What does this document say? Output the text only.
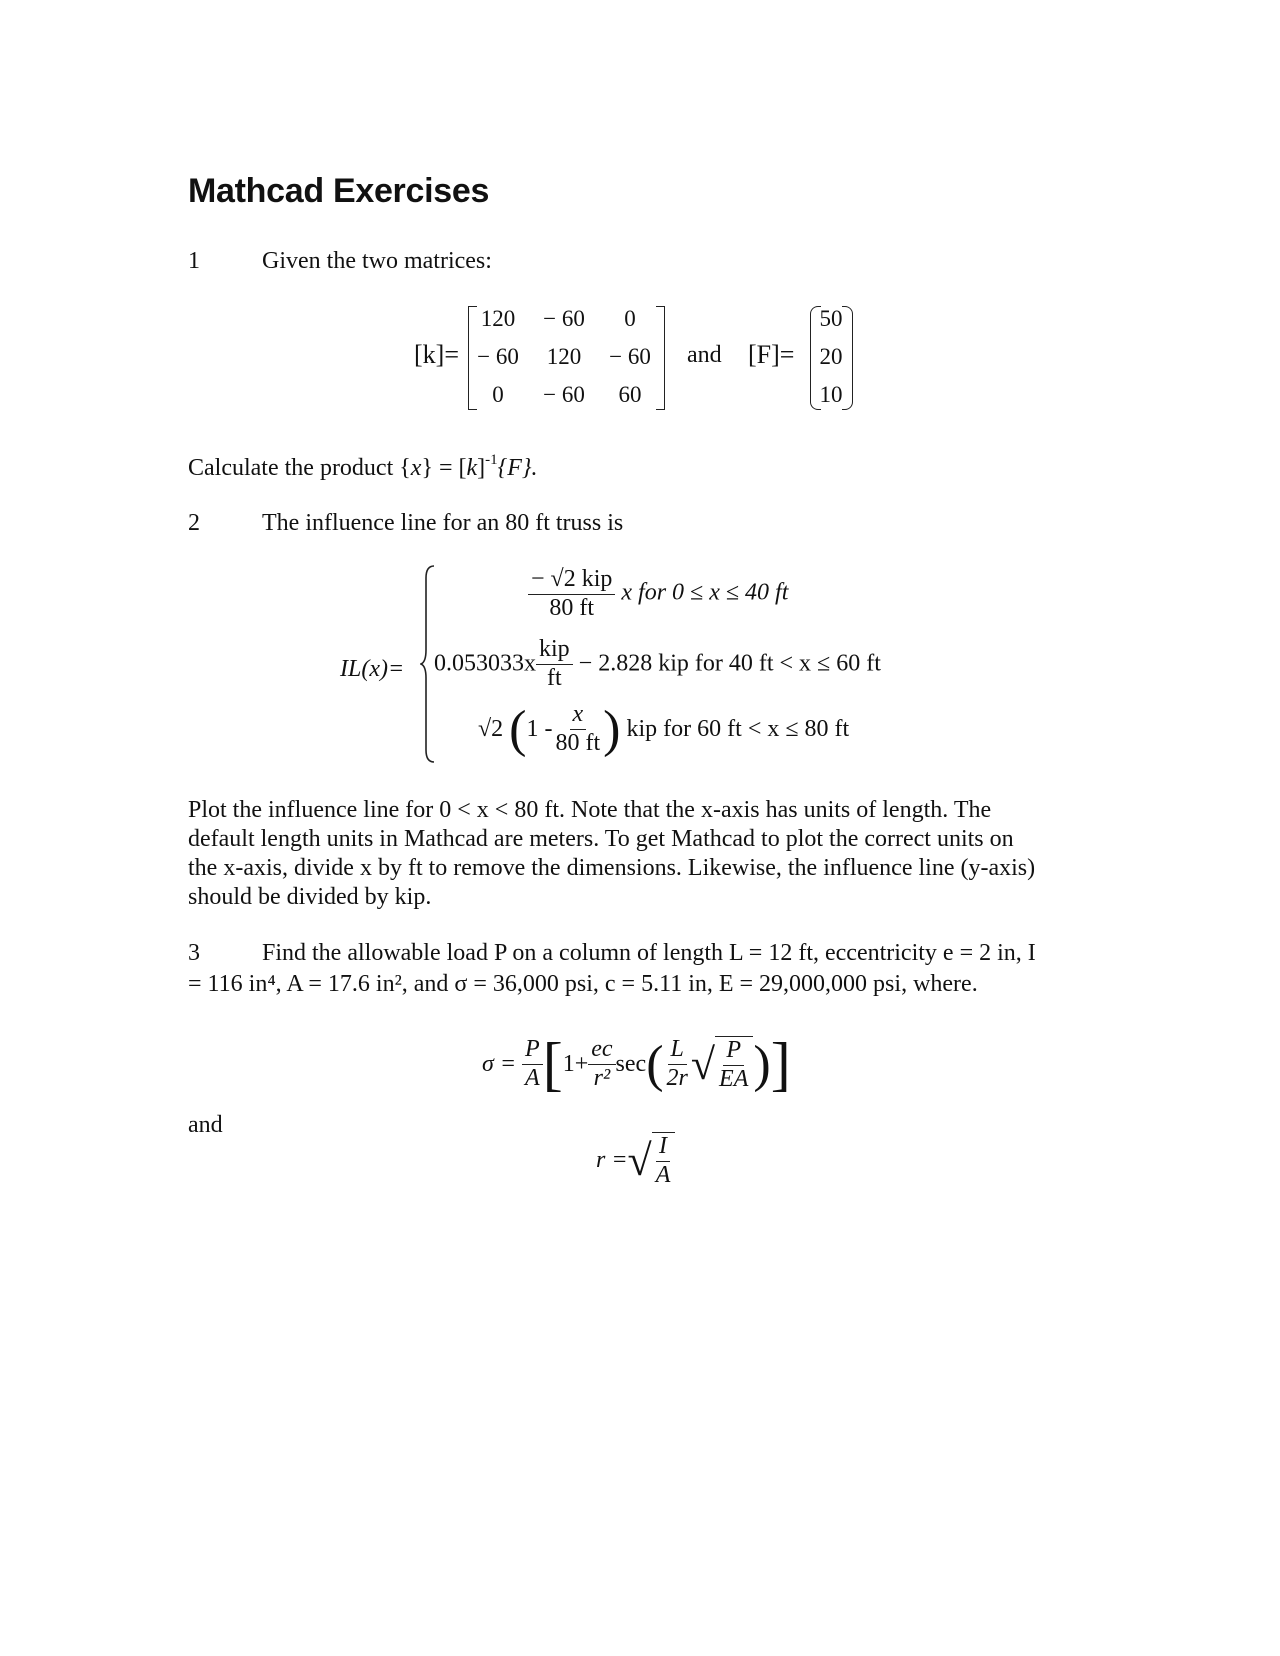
Mathcad Exercises
1	Given the two matrices:
[k]=
120	− 60	0
− 60	120	− 60
0	− 60	60
and [F]=
50
20
10
Calculate the product $\{x\} = [k]^{-1}\{F\}$.
2	The influence line for an 80 ft truss is
IL(x)=
$\frac{\text{− √2 kip}}{80 ft}$ x for 0 ≤ x ≤ 40 ft
$0.053033x \frac{\text{kip}}{ft} - 2.828$ kip for 40 ft < x ≤ 60 ft
√2 ($1 - \frac{x}{80 ft}$ ) kip for 60 ft < x ≤ 80 ft
Plot the influence line for 0 < x < 80 ft. Note that the x-axis has units of length. The
default length units in Mathcad are meters. To get Mathcad to plot the correct units on
the x-axis, divide x by ft to remove the dimensions. Likewise, the influence line (y-axis)
should be divided by kip.
3	Find the allowable load P on a column of length L = 12 ft, eccentricity e = 2 in, I
= 116 in⁴, A = 17.6 in², and σ = 36,000 psi, c = 5.11 in, E = 29,000,000 psi, where.
$\sigma = \frac{P}{A} [1+ \frac{ec}{\text{r²}} \sec( \frac{L}{2r}$ √ $\frac{P}{EA}$ )]
and
r =√ $\frac{I}{A}$
